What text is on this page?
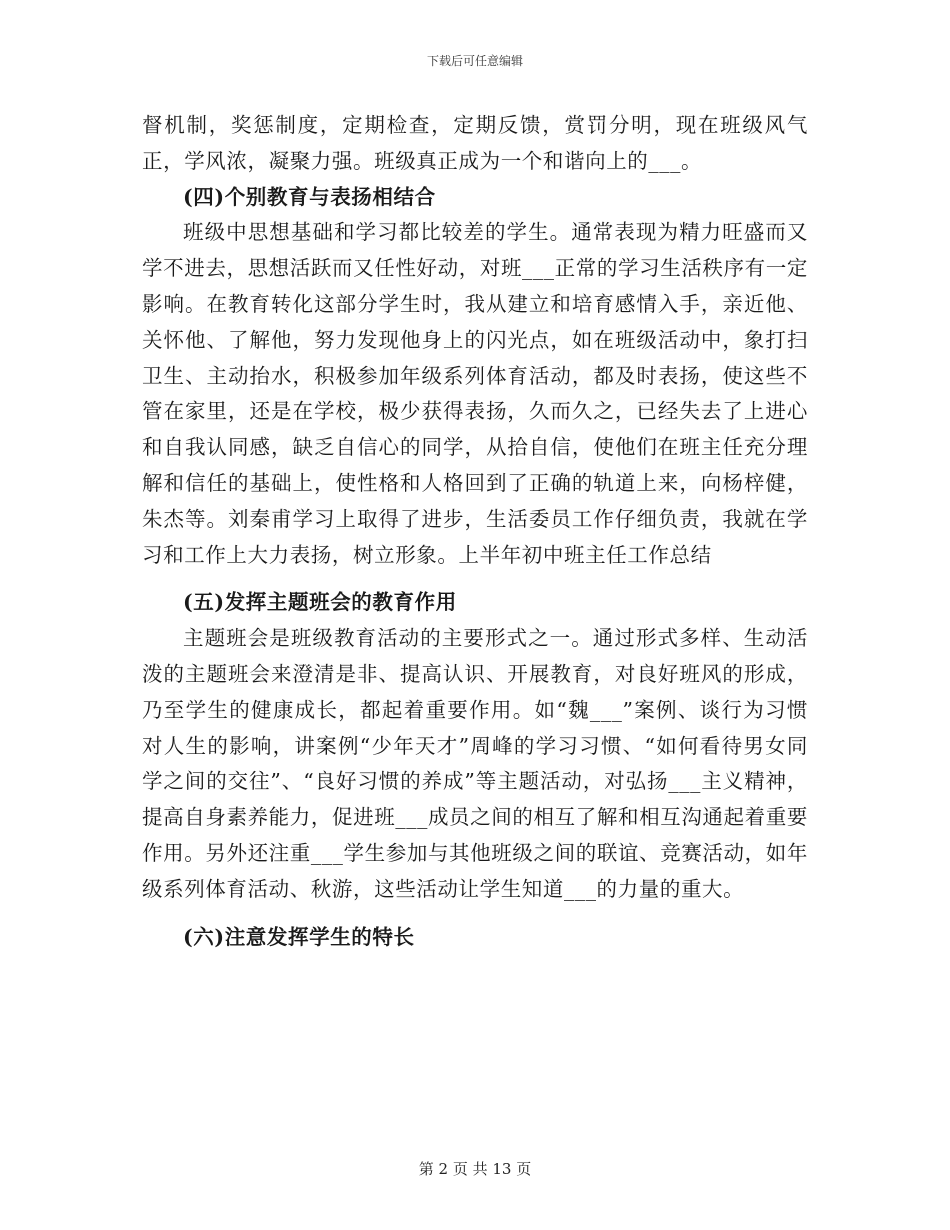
下载后可任意编辑

督机制，奖惩制度，定期检查，定期反馈，赏罚分明，现在班级风气正，学风浓，凝聚力强。班级真正成为一个和谐向上的___。

(四)个别教育与表扬相结合

班级中思想基础和学习都比较差的学生。通常表现为精力旺盛而又学不进去，思想活跃而又任性好动，对班___正常的学习生活秩序有一定影响。在教育转化这部分学生时，我从建立和培育感情入手，亲近他、关怀他、了解他，努力发现他身上的闪光点，如在班级活动中，象打扫卫生、主动抬水，积极参加年级系列体育活动，都及时表扬，使这些不管在家里，还是在学校，极少获得表扬，久而久之，已经失去了上进心和自我认同感，缺乏自信心的同学，从拾自信，使他们在班主任充分理解和信任的基础上，使性格和人格回到了正确的轨道上来，向杨梓健，朱杰等。刘秦甫学习上取得了进步，生活委员工作仔细负责，我就在学习和工作上大力表扬，树立形象。上半年初中班主任工作总结

(五)发挥主题班会的教育作用

主题班会是班级教育活动的主要形式之一。通过形式多样、生动活泼的主题班会来澄清是非、提高认识、开展教育，对良好班风的形成，乃至学生的健康成长，都起着重要作用。如“魏___”案例、谈行为习惯对人生的影响，讲案例“少年天才”周峰的学习习惯、“如何看待男女同学之间的交往”、“良好习惯的养成”等主题活动，对弘扬___主义精神，提高自身素养能力，促进班___成员之间的相互了解和相互沟通起着重要作用。另外还注重___学生参加与其他班级之间的联谊、竞赛活动，如年级系列体育活动、秋游，这些活动让学生知道___的力量的重大。

(六)注意发挥学生的特长
第 2 页 共 13 页
